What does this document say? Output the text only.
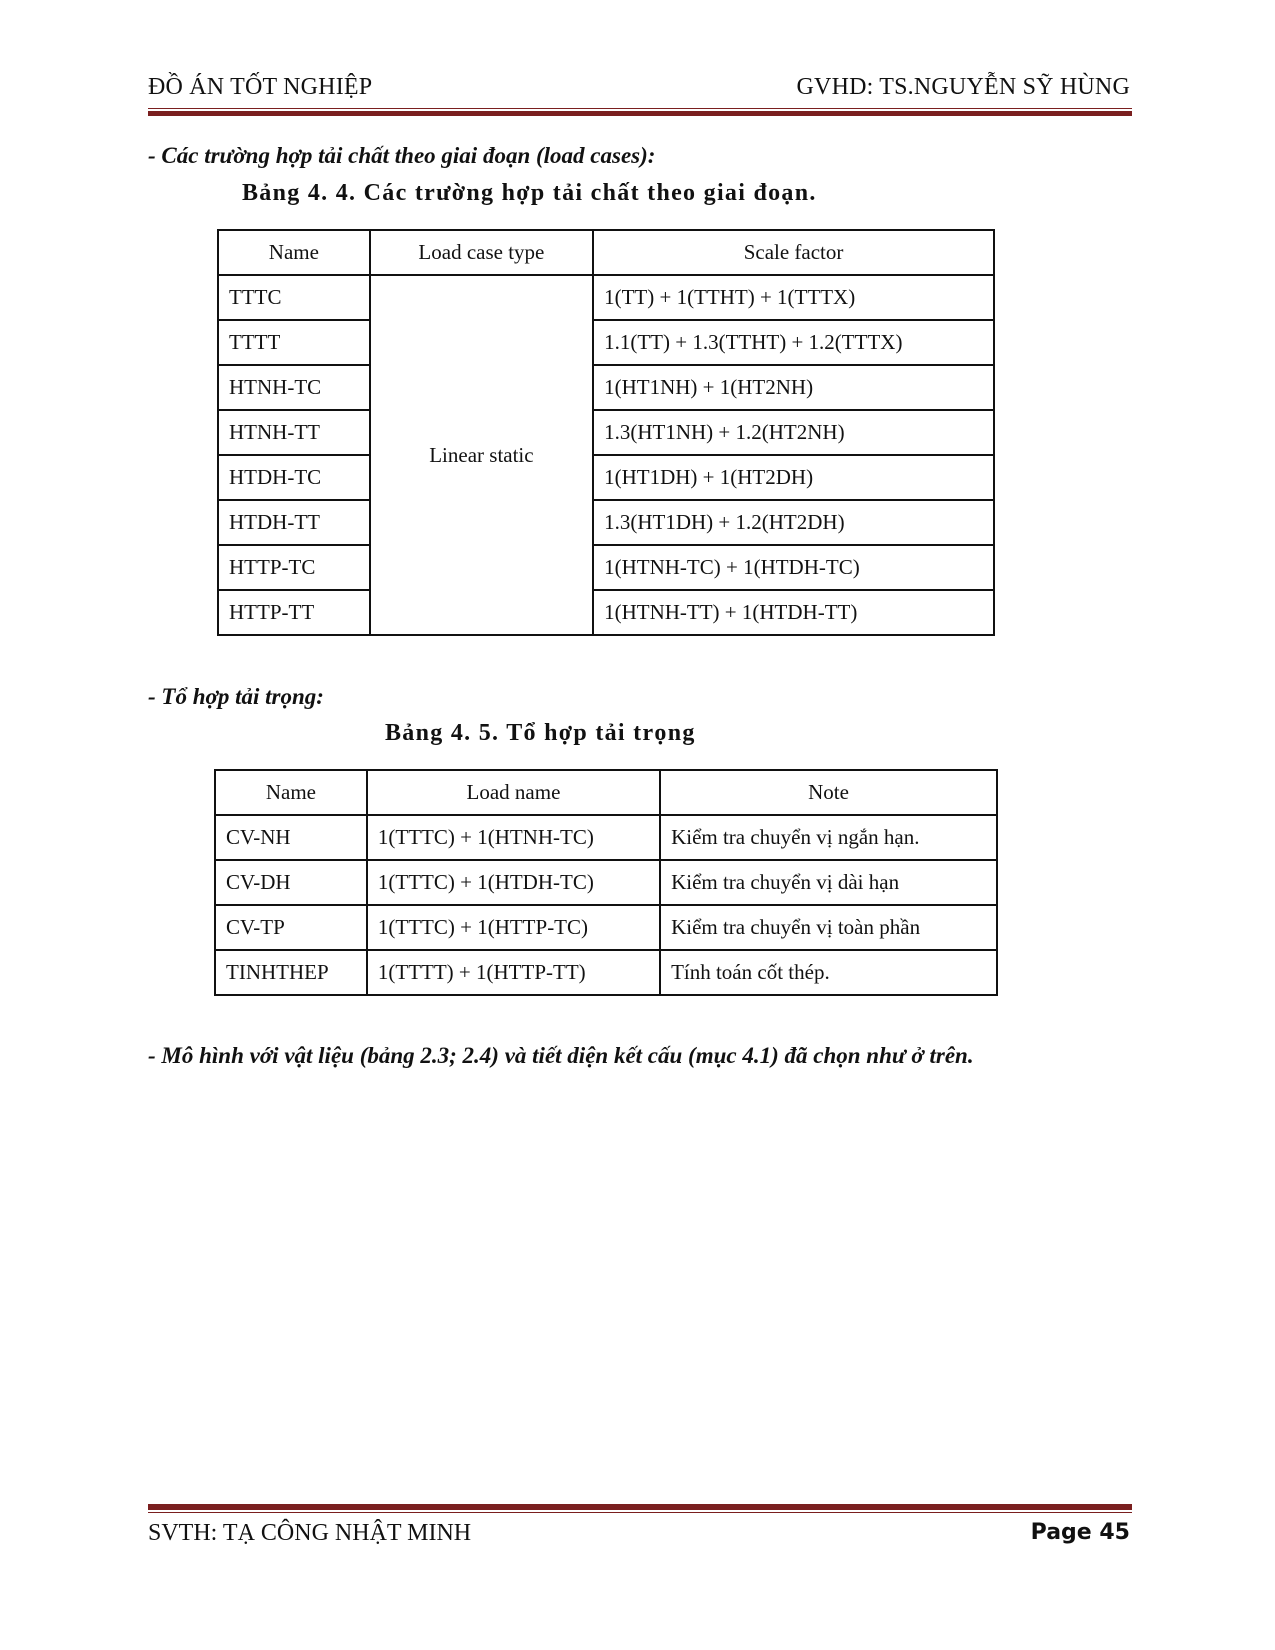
ĐỒ ÁN TỐT NGHIỆP	GVHD: TS.NGUYỄN SỸ HÙNG
- Các trường hợp tải chất theo giai đoạn (load cases):
Bảng 4. 4. Các trường hợp tải chất theo giai đoạn.
Name	Load case type	Scale factor
TTTC	Linear static	1(TT) + 1(TTHT) + 1(TTTX)
TTTT		1.1(TT) + 1.3(TTHT) + 1.2(TTTX)
HTNH-TC		1(HT1NH) + 1(HT2NH)
HTNH-TT		1.3(HT1NH) + 1.2(HT2NH)
HTDH-TC		1(HT1DH) + 1(HT2DH)
HTDH-TT		1.3(HT1DH) + 1.2(HT2DH)
HTTP-TC		1(HTNH-TC) + 1(HTDH-TC)
HTTP-TT		1(HTNH-TT) + 1(HTDH-TT)
- Tổ hợp tải trọng:
Bảng 4. 5. Tổ hợp tải trọng
Name	Load name	Note
CV-NH	1(TTTC) + 1(HTNH-TC)	Kiểm tra chuyển vị ngắn hạn.
CV-DH	1(TTTC) + 1(HTDH-TC)	Kiểm tra chuyển vị dài hạn
CV-TP	1(TTTC) + 1(HTTP-TC)	Kiểm tra chuyển vị toàn phần
TINHTHEP	1(TTTT) + 1(HTTP-TT)	Tính toán cốt thép.
- Mô hình với vật liệu (bảng 2.3; 2.4) và tiết diện kết cấu (mục 4.1) đã chọn như ở trên.
SVTH: TẠ CÔNG NHẬT MINH	Page 45
